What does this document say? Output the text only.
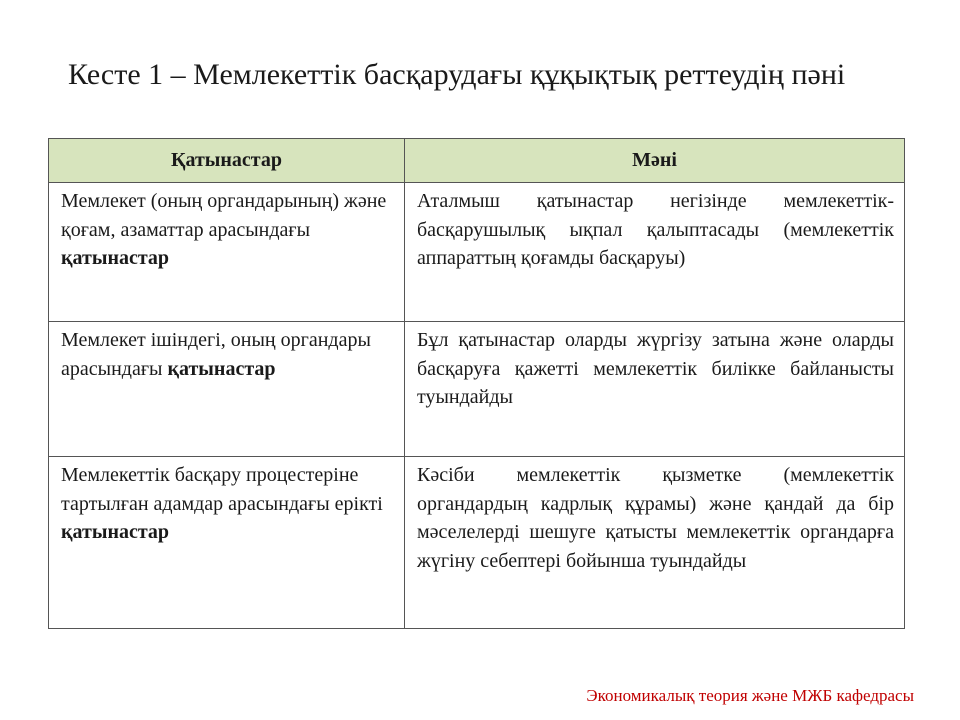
Кесте 1 – Мемлекеттік басқарудағы құқықтық реттеудің пәні
Қатынастар	Мәні
Мемлекет (оның органдарының) және қоғам, азаматтар арасындағы қатынастар	Аталмыш қатынастар негізінде мемлекеттік-басқарушылық ықпал қалыптасады (мемлекеттік аппараттың қоғамды басқаруы)
Мемлекет ішіндегі, оның органдары арасындағы қатынастар	Бұл қатынастар оларды жүргізу затына және оларды басқаруға қажетті мемлекеттік билікке байланысты туындайды
Мемлекеттік басқару процестеріне тартылған адамдар арасындағы ерікті қатынастар	Кәсіби мемлекеттік қызметке (мемлекеттік органдардың кадрлық құрамы) және қандай да бір мәселелерді шешуге қатысты мемлекеттік органдарға жүгіну себептері бойынша туындайды
Экономикалық теория және МЖБ кафедрасы
